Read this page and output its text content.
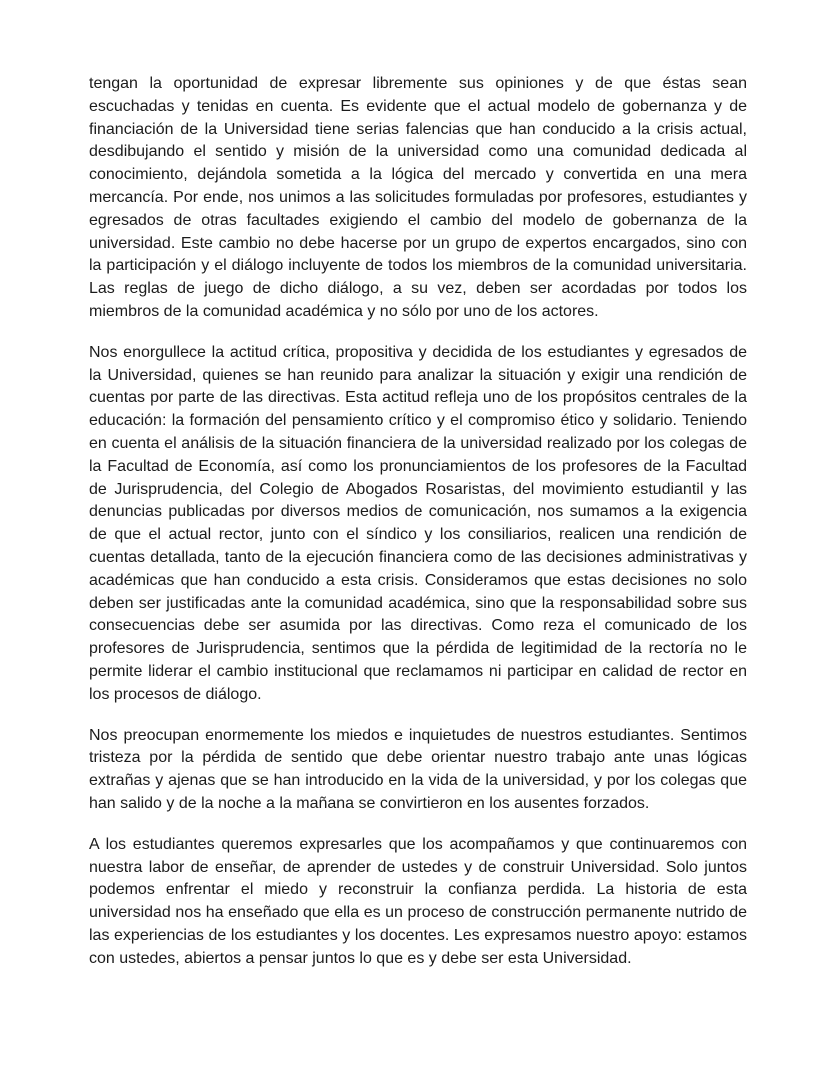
tengan la oportunidad de expresar libremente sus opiniones y de que éstas sean escuchadas y tenidas en cuenta. Es evidente que el actual modelo de gobernanza y de financiación de la Universidad tiene serias falencias que han conducido a la crisis actual, desdibujando el sentido y misión de la universidad como una comunidad dedicada al conocimiento, dejándola sometida a la lógica del mercado y convertida en una mera mercancía. Por ende, nos unimos a las solicitudes formuladas por profesores, estudiantes y egresados de otras facultades exigiendo el cambio del modelo de gobernanza de la universidad. Este cambio no debe hacerse por un grupo de expertos encargados, sino con la participación y el diálogo incluyente de todos los miembros de la comunidad universitaria. Las reglas de juego de dicho diálogo, a su vez, deben ser acordadas por todos los miembros de la comunidad académica y no sólo por uno de los actores.

Nos enorgullece la actitud crítica, propositiva y decidida de los estudiantes y egresados de la Universidad, quienes se han reunido para analizar la situación y exigir una rendición de cuentas por parte de las directivas. Esta actitud refleja uno de los propósitos centrales de la educación: la formación del pensamiento crítico y el compromiso ético y solidario. Teniendo en cuenta el análisis de la situación financiera de la universidad realizado por los colegas de la Facultad de Economía, así como los pronunciamientos de los profesores de la Facultad de Jurisprudencia, del Colegio de Abogados Rosaristas, del movimiento estudiantil y las denuncias publicadas por diversos medios de comunicación, nos sumamos a la exigencia de que el actual rector, junto con el síndico y los consiliarios, realicen una rendición de cuentas detallada, tanto de la ejecución financiera como de las decisiones administrativas y académicas que han conducido a esta crisis. Consideramos que estas decisiones no solo deben ser justificadas ante la comunidad académica, sino que la responsabilidad sobre sus consecuencias debe ser asumida por las directivas. Como reza el comunicado de los profesores de Jurisprudencia, sentimos que la pérdida de legitimidad de la rectoría no le permite liderar el cambio institucional que reclamamos ni participar en calidad de rector en los procesos de diálogo.

Nos preocupan enormemente los miedos e inquietudes de nuestros estudiantes. Sentimos tristeza por la pérdida de sentido que debe orientar nuestro trabajo ante unas lógicas extrañas y ajenas que se han introducido en la vida de la universidad, y por los colegas que han salido y de la noche a la mañana se convirtieron en los ausentes forzados.

A los estudiantes queremos expresarles que los acompañamos y que continuaremos con nuestra labor de enseñar, de aprender de ustedes y de construir Universidad. Solo juntos podemos enfrentar el miedo y reconstruir la confianza perdida. La historia de esta universidad nos ha enseñado que ella es un proceso de construcción permanente nutrido de las experiencias de los estudiantes y los docentes. Les expresamos nuestro apoyo: estamos con ustedes, abiertos a pensar juntos lo que es y debe ser esta Universidad.
